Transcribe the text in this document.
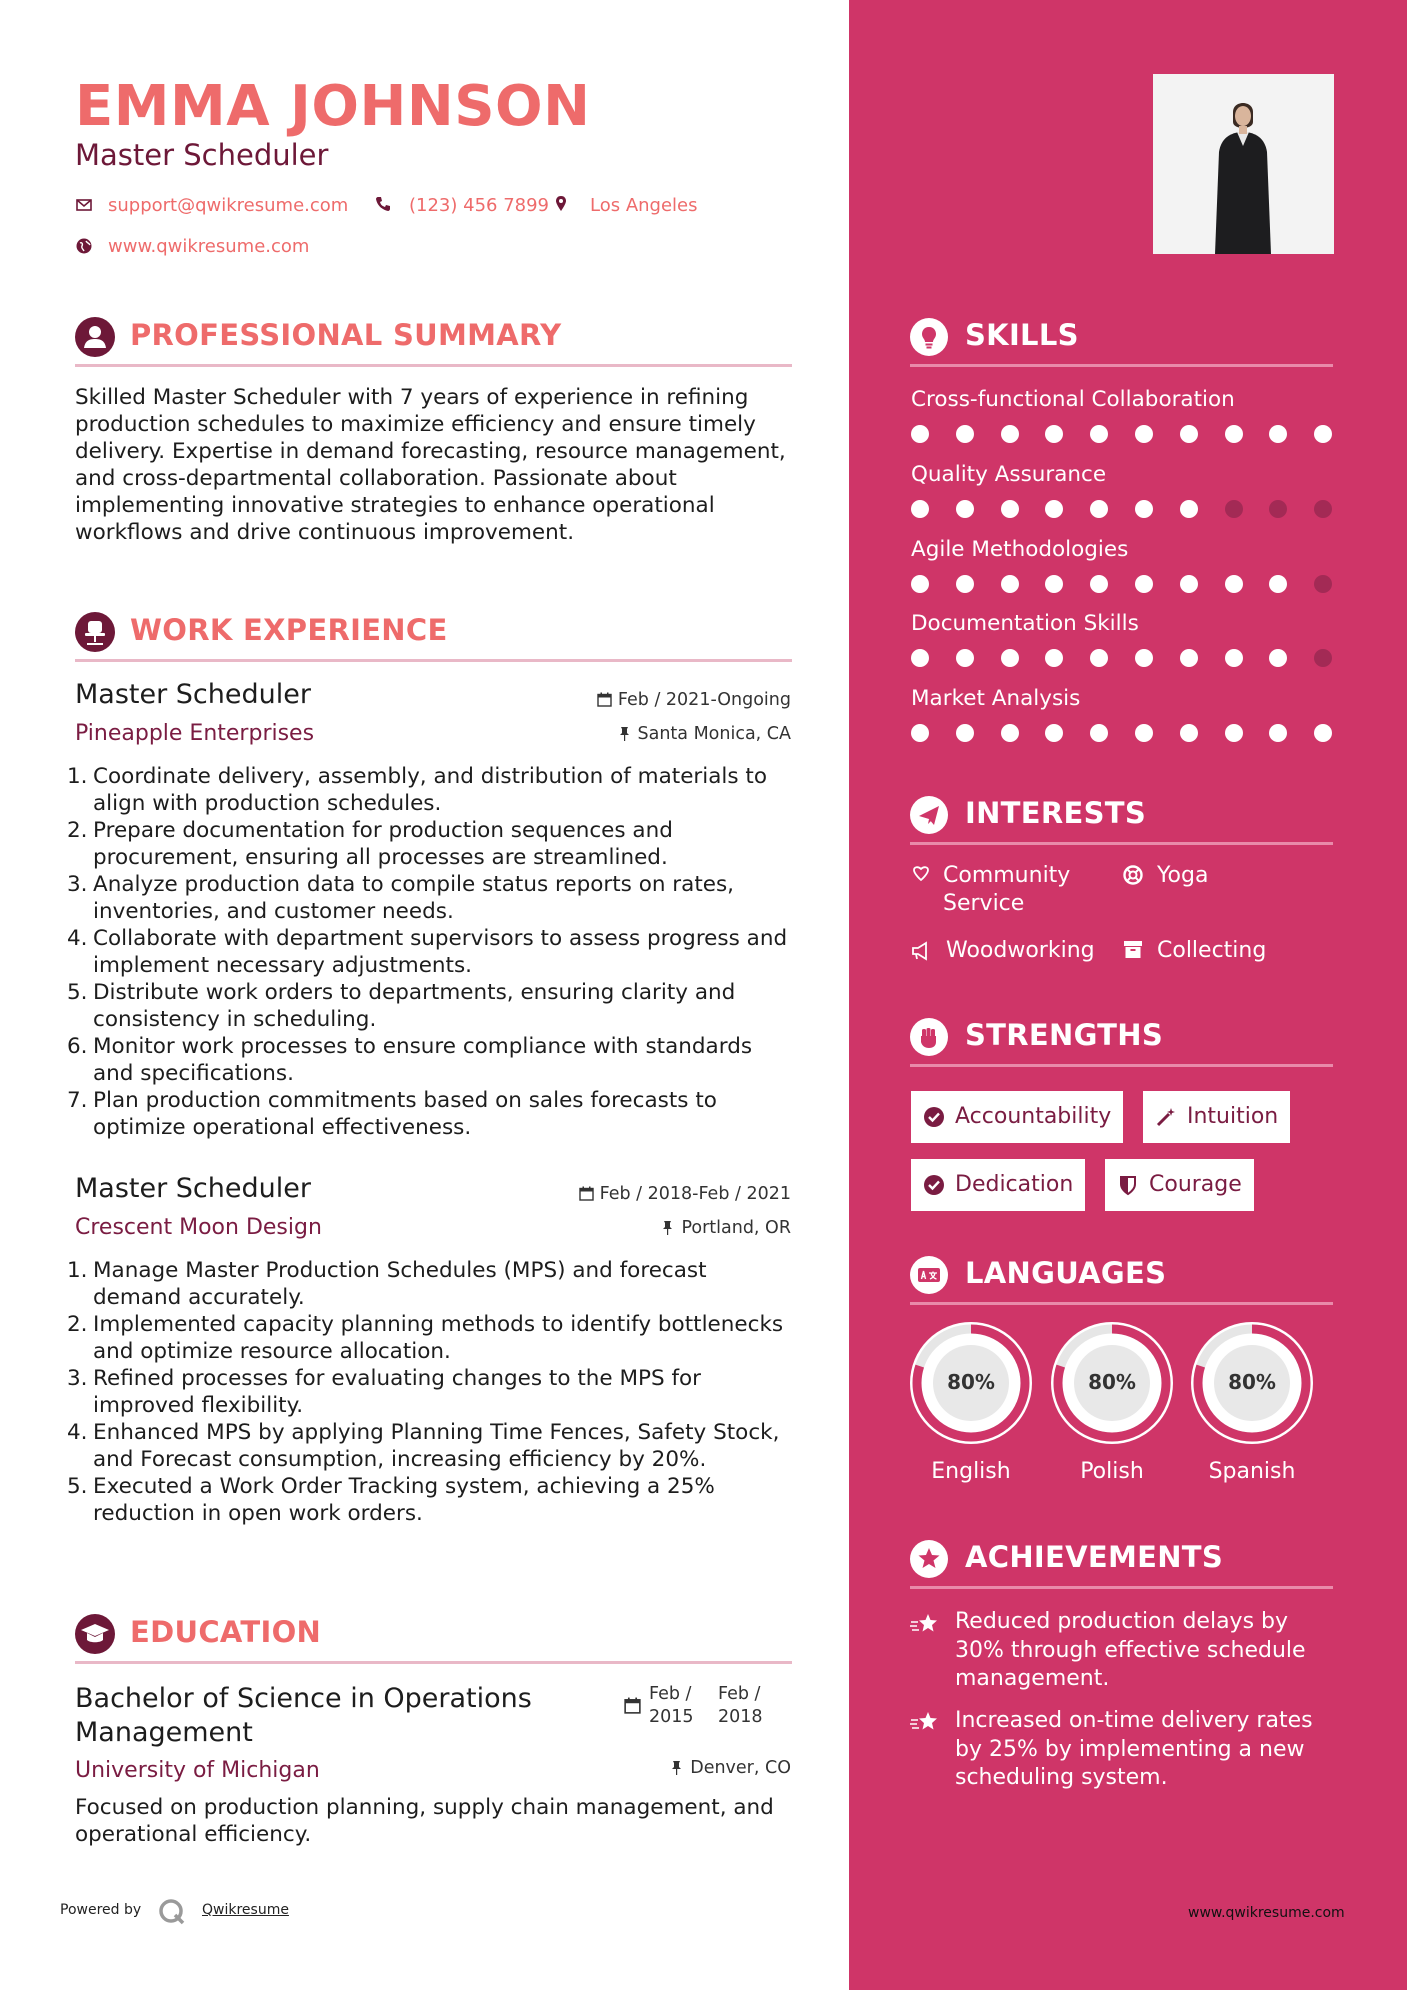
EMMA JOHNSON
Master Scheduler
support@qwikresume.com	(123) 456 7899 Los Angeles
www.qwikresume.com
PROFESSIONAL SUMMARY
Skilled Master Scheduler with 7 years of experience in refining production schedules to maximize efficiency and ensure timely delivery. Expertise in demand forecasting, resource management, and cross-departmental collaboration. Passionate about implementing innovative strategies to enhance operational workflows and drive continuous improvement.
WORK EXPERIENCE
Master Scheduler	Feb / 2021-Ongoing
Pineapple Enterprises	Santa Monica, CA
1. Coordinate delivery, assembly, and distribution of materials to align with production schedules.
2. Prepare documentation for production sequences and procurement, ensuring all processes are streamlined.
3. Analyze production data to compile status reports on rates, inventories, and customer needs.
4. Collaborate with department supervisors to assess progress and implement necessary adjustments.
5. Distribute work orders to departments, ensuring clarity and consistency in scheduling.
6. Monitor work processes to ensure compliance with standards and specifications.
7. Plan production commitments based on sales forecasts to optimize operational effectiveness.
Master Scheduler	Feb / 2018-Feb / 2021
Crescent Moon Design	Portland, OR
1. Manage Master Production Schedules (MPS) and forecast demand accurately.
2. Implemented capacity planning methods to identify bottlenecks and optimize resource allocation.
3. Refined processes for evaluating changes to the MPS for improved flexibility.
4. Enhanced MPS by applying Planning Time Fences, Safety Stock, and Forecast consumption, increasing efficiency by 20%.
5. Executed a Work Order Tracking system, achieving a 25% reduction in open work orders.
EDUCATION
Bachelor of Science in Operations Management
Feb / 2015
Feb / 2018
University of Michigan	Denver, CO
Focused on production planning, supply chain management, and operational efficiency.
Powered by	Qwikresume
SKILLS
Cross-functional Collaboration
Quality Assurance
Agile Methodologies
Documentation Skills
Market Analysis
INTERESTS
Community Service
Yoga
Woodworking	Collecting
STRENGTHS
Accountability	Intuition
Dedication	Courage
LANGUAGES
80%
English
80%
Polish
80%
Spanish
ACHIEVEMENTS
Reduced production delays by 30% through effective schedule management.
Increased on-time delivery rates by 25% by implementing a new scheduling system.
www.qwikresume.com
